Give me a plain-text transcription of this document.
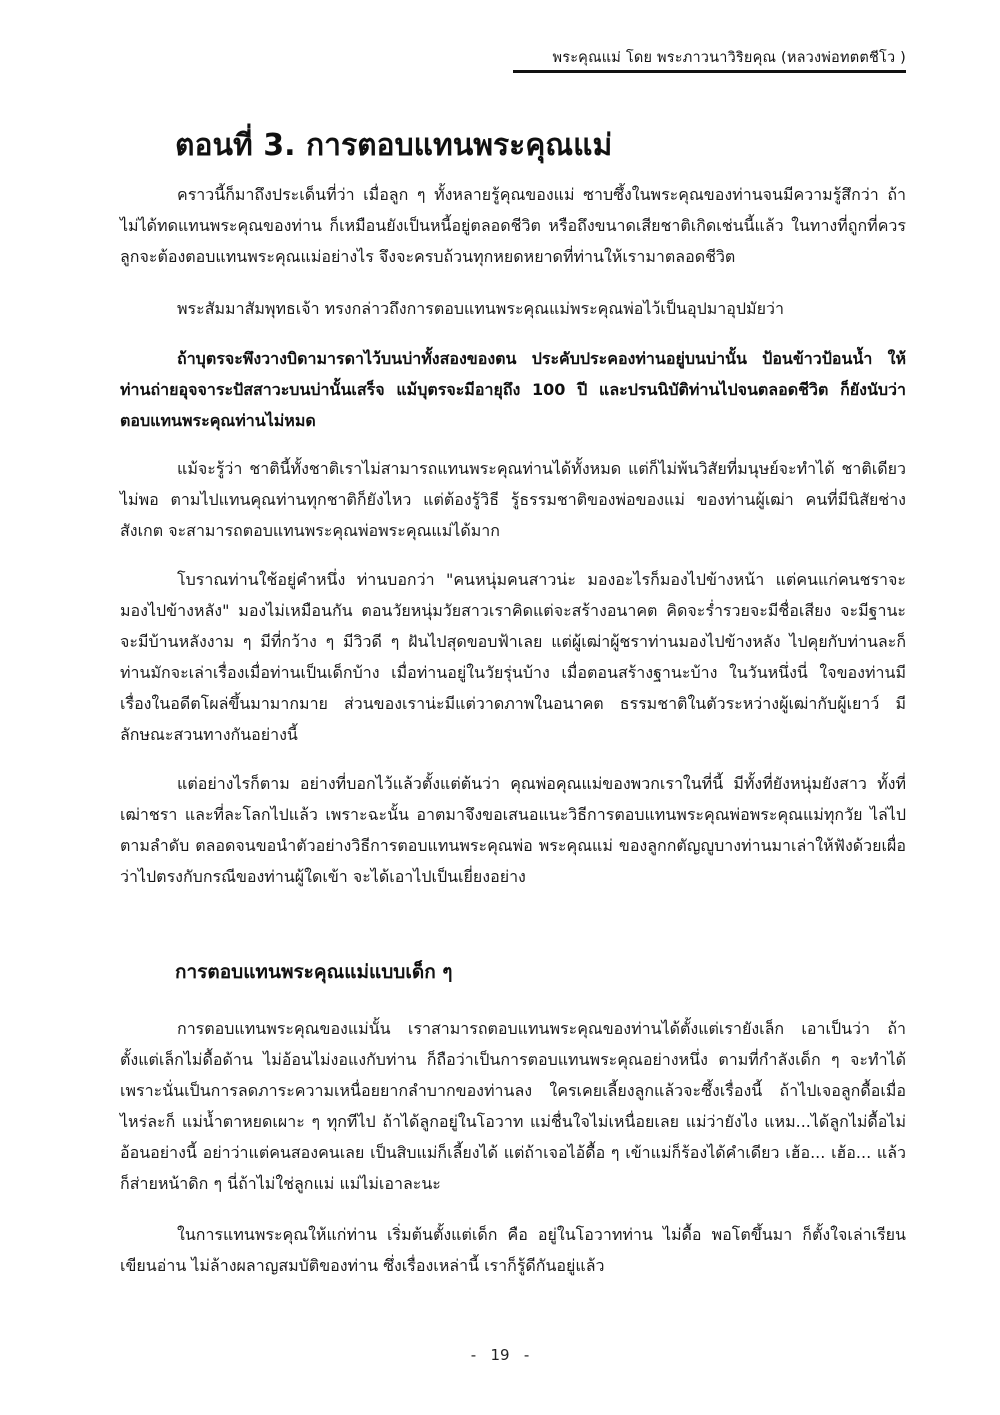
พระคุณแม่ โดย พระภาวนาวิริยคุณ (หลวงพ่อทตตชีโว )
ตอนที่ 3. การตอบแทนพระคุณแม่

คราวนี้ก็มาถึงประเด็นที่ว่า เมื่อลูก ๆ ทั้งหลายรู้คุณของแม่ ซาบซึ้งในพระคุณของท่านจนมีความรู้สึกว่า ถ้าไม่ได้ทดแทนพระคุณของท่าน ก็เหมือนยังเป็นหนี้อยู่ตลอดชีวิต หรือถึงขนาดเสียชาติเกิดเช่นนี้แล้ว ในทางที่ถูกที่ควร ลูกจะต้องตอบแทนพระคุณแม่อย่างไร จึงจะครบถ้วนทุกหยดหยาดที่ท่านให้เรามาตลอดชีวิต

พระสัมมาสัมพุทธเจ้า ทรงกล่าวถึงการตอบแทนพระคุณแม่พระคุณพ่อไว้เป็นอุปมาอุปมัยว่า

ถ้าบุตรจะพึงวางบิดามารดาไว้บนบ่าทั้งสองของตน ประคับประคองท่านอยู่บนบ่านั้น ป้อนข้าวป้อนน้ำ ให้ท่านถ่ายอุจจาระปัสสาวะบนบ่านั้นเสร็จ แม้บุตรจะมีอายุถึง 100 ปี และปรนนิบัติท่านไปจนตลอดชีวิต ก็ยังนับว่าตอบแทนพระคุณท่านไม่หมด

แม้จะรู้ว่า ชาตินี้ทั้งชาติเราไม่สามารถแทนพระคุณท่านได้ทั้งหมด แต่ก็ไม่พ้นวิสัยที่มนุษย์จะทำได้ ชาติเดียวไม่พอ ตามไปแทนคุณท่านทุกชาติก็ยังไหว แต่ต้องรู้วิธี รู้ธรรมชาติของพ่อของแม่ ของท่านผู้เฒ่า คนที่มีนิสัยช่างสังเกต จะสามารถตอบแทนพระคุณพ่อพระคุณแม่ได้มาก

โบราณท่านใช้อยู่คำหนึ่ง ท่านบอกว่า "คนหนุ่มคนสาวน่ะ มองอะไรก็มองไปข้างหน้า แต่คนแก่คนชราจะมองไปข้างหลัง" มองไม่เหมือนกัน ตอนวัยหนุ่มวัยสาวเราคิดแต่จะสร้างอนาคต คิดจะร่ำรวยจะมีชื่อเสียง จะมีฐานะ จะมีบ้านหลังงาม ๆ มีที่กว้าง ๆ มีวิวดี ๆ ฝันไปสุดขอบฟ้าเลย แต่ผู้เฒ่าผู้ชราท่านมองไปข้างหลัง ไปคุยกับท่านละก็ ท่านมักจะเล่าเรื่องเมื่อท่านเป็นเด็กบ้าง เมื่อท่านอยู่ในวัยรุ่นบ้าง เมื่อตอนสร้างฐานะบ้าง ในวันหนึ่งนี่ ใจของท่านมีเรื่องในอดีตโผล่ขึ้นมามากมาย ส่วนของเราน่ะมีแต่วาดภาพในอนาคต ธรรมชาติในตัวระหว่างผู้เฒ่ากับผู้เยาว์ มีลักษณะสวนทางกันอย่างนี้

แต่อย่างไรก็ตาม อย่างที่บอกไว้แล้วตั้งแต่ต้นว่า คุณพ่อคุณแม่ของพวกเราในที่นี้ มีทั้งที่ยังหนุ่มยังสาว ทั้งที่เฒ่าชรา และที่ละโลกไปแล้ว เพราะฉะนั้น อาตมาจึงขอเสนอแนะวิธีการตอบแทนพระคุณพ่อพระคุณแม่ทุกวัย ไล่ไปตามลำดับ ตลอดจนขอนำตัวอย่างวิธีการตอบแทนพระคุณพ่อ พระคุณแม่ ของลูกกตัญญูบางท่านมาเล่าให้ฟังด้วยเผื่อว่าไปตรงกับกรณีของท่านผู้ใดเข้า จะได้เอาไปเป็นเยี่ยงอย่าง

การตอบแทนพระคุณแม่แบบเด็ก ๆ

การตอบแทนพระคุณของแม่นั้น เราสามารถตอบแทนพระคุณของท่านได้ตั้งแต่เรายังเล็ก เอาเป็นว่า ถ้าตั้งแต่เล็กไม่ดื้อด้าน ไม่อ้อนไม่งอแงกับท่าน ก็ถือว่าเป็นการตอบแทนพระคุณอย่างหนึ่ง ตามที่กำลังเด็ก ๆ จะทำได้ เพราะนั่นเป็นการลดภาระความเหนื่อยยากลำบากของท่านลง ใครเคยเลี้ยงลูกแล้วจะซึ้งเรื่องนี้ ถ้าไปเจอลูกดื้อเมื่อไหร่ละก็ แม่น้ำตาหยดเผาะ ๆ ทุกทีไป ถ้าได้ลูกอยู่ในโอวาท แม่ชื่นใจไม่เหนื่อยเลย แม่ว่ายังไง แหม...ได้ลูกไม่ดื้อไม่อ้อนอย่างนี้ อย่าว่าแต่คนสองคนเลย เป็นสิบแม่ก็เลี้ยงได้ แต่ถ้าเจอไอ้ดื้อ ๆ เข้าแม่ก็ร้องได้คำเดียว เฮ้อ... เฮ้อ... แล้วก็ส่ายหน้าดิก ๆ นี่ถ้าไม่ใช่ลูกแม่ แม่ไม่เอาละนะ

ในการแทนพระคุณให้แก่ท่าน เริ่มต้นตั้งแต่เด็ก คือ อยู่ในโอวาทท่าน ไม่ดื้อ พอโตขึ้นมา ก็ตั้งใจเล่าเรียนเขียนอ่าน ไม่ล้างผลาญสมบัติของท่าน ซึ่งเรื่องเหล่านี้ เราก็รู้ดีกันอยู่แล้ว

-   19   -
